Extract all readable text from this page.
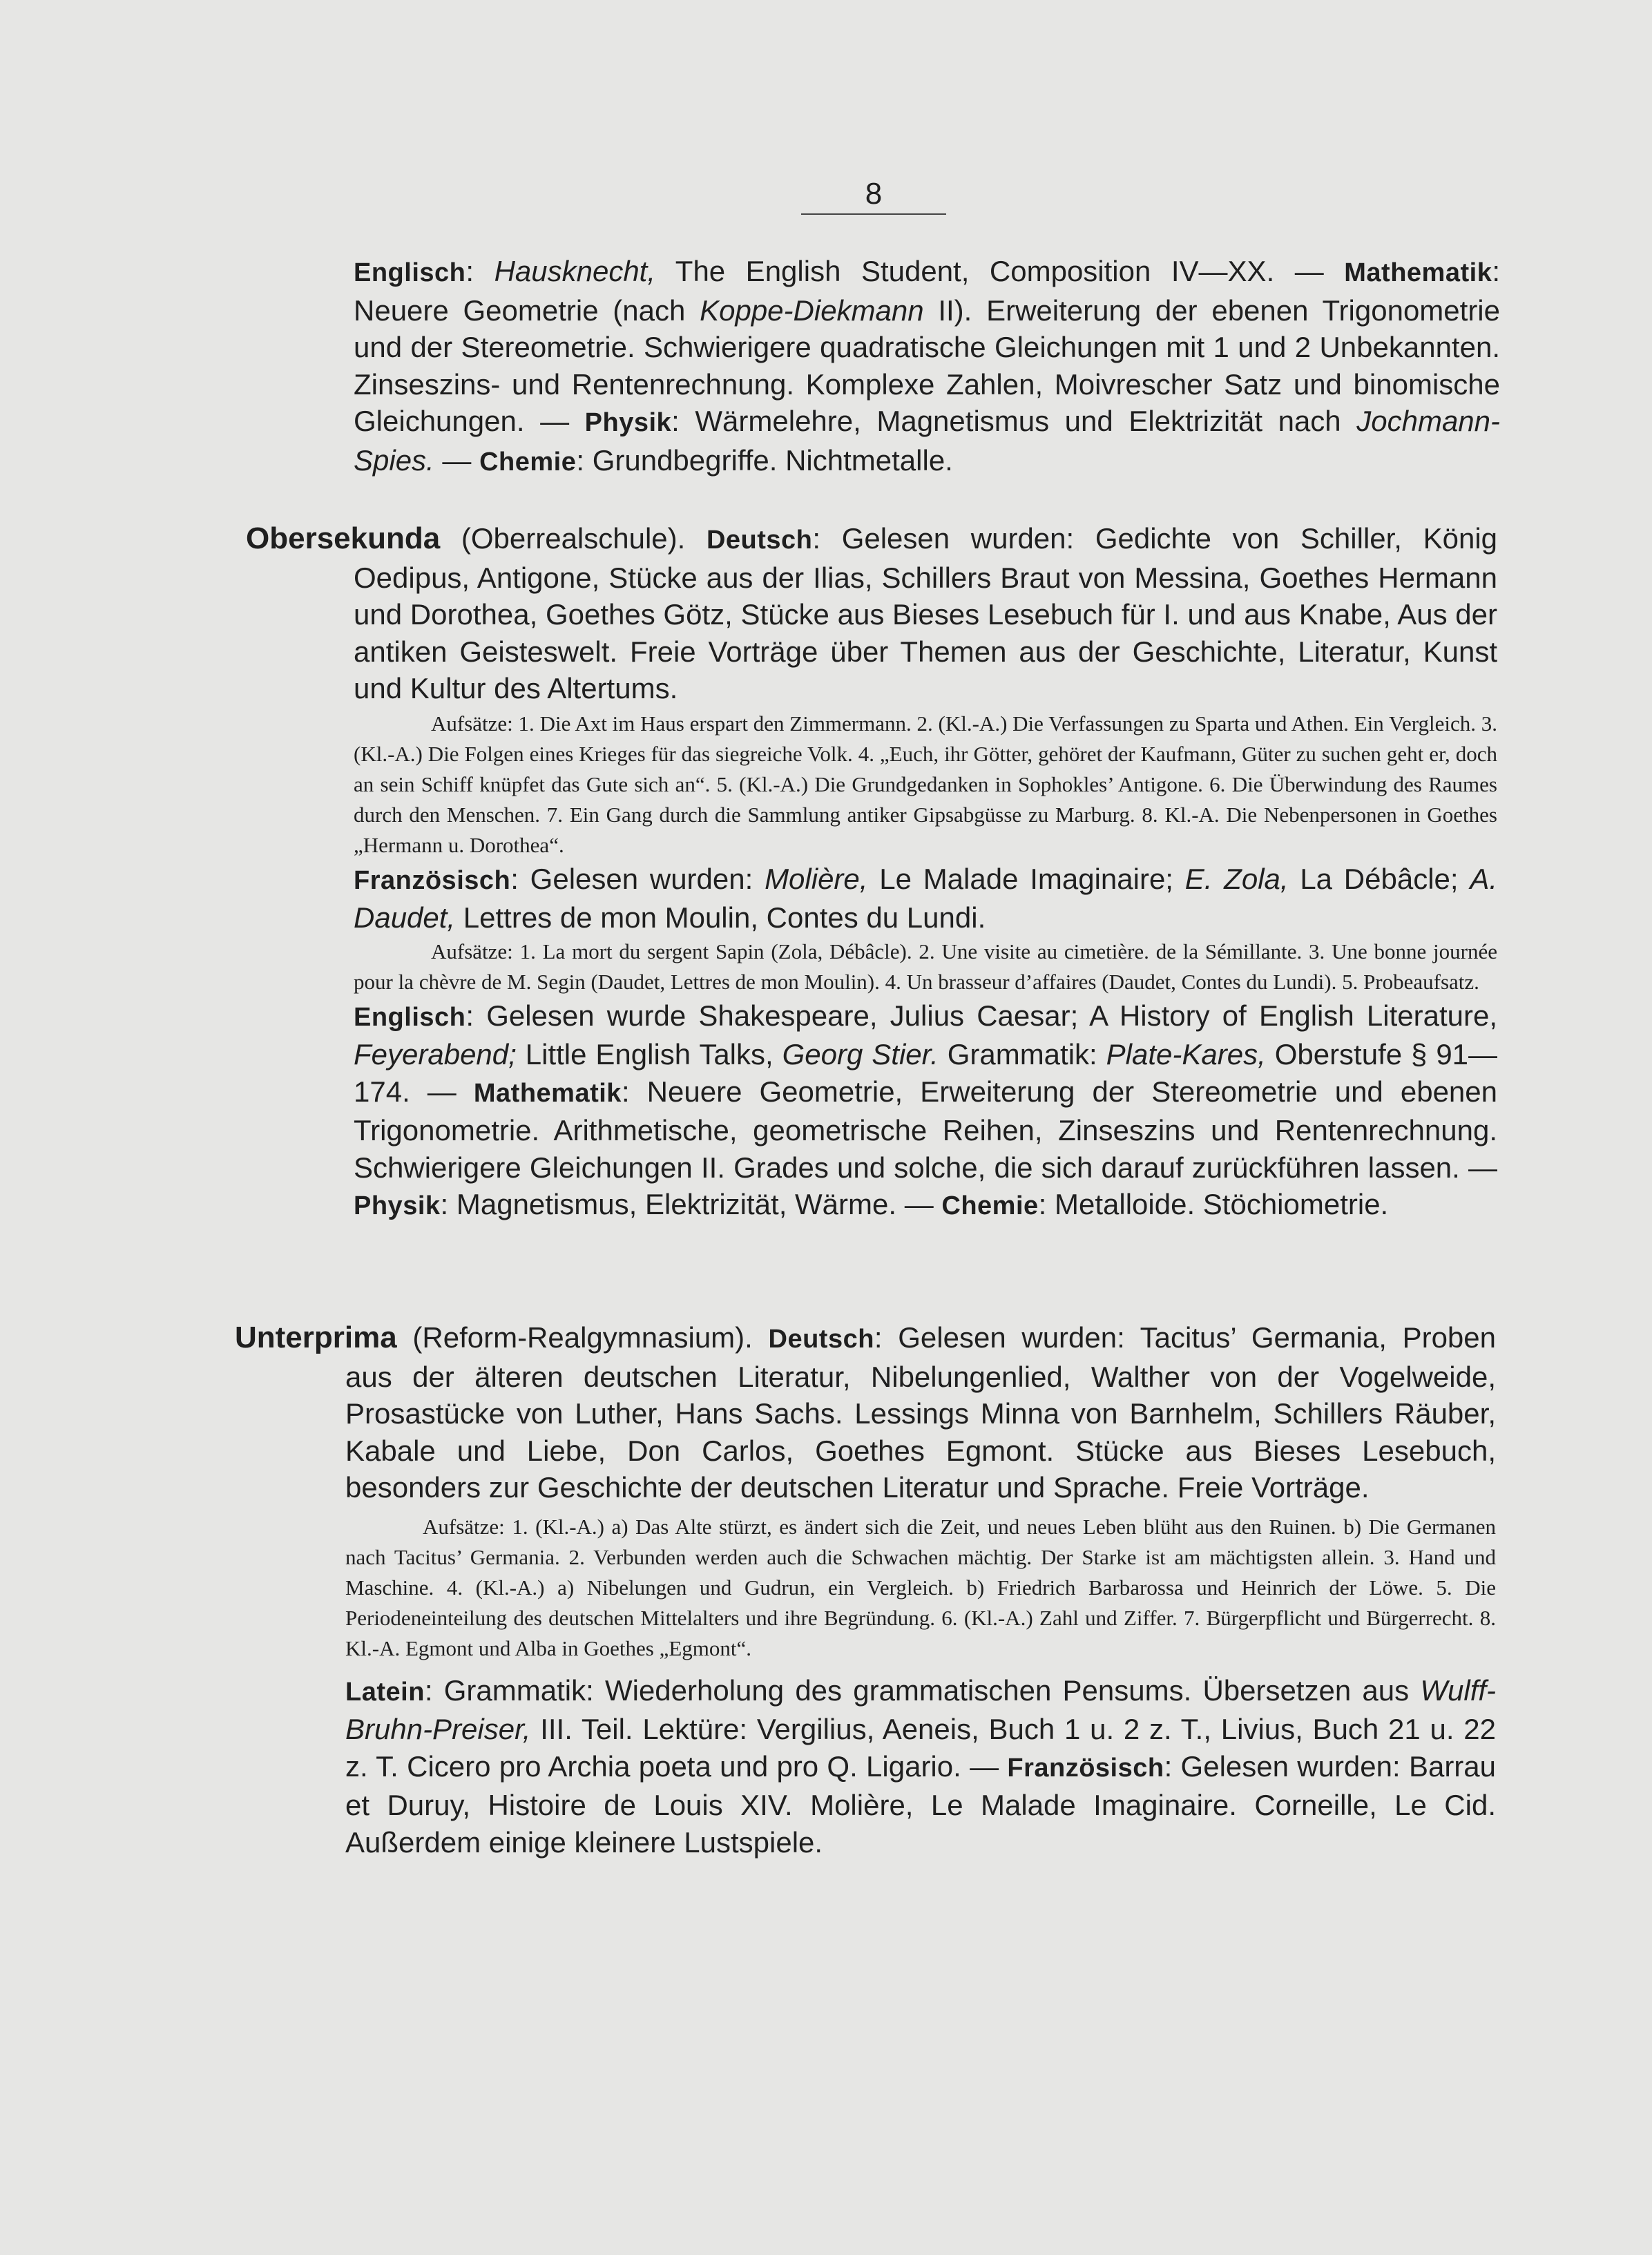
8

Englisch: Hausknecht, The English Student, Composition IV—XX. — Mathematik: Neuere Geometrie (nach Koppe-Diekmann II). Erweiterung der ebenen Trigonometrie und der Stereometrie. Schwierigere quadratische Gleichungen mit 1 und 2 Unbekannten. Zinseszins- und Rentenrechnung. Komplexe Zahlen, Moivrescher Satz und binomische Gleichungen. — Physik: Wärmelehre, Magnetismus und Elektrizität nach Jochmann-Spies. — Chemie: Grundbegriffe. Nichtmetalle.

Obersekunda (Oberrealschule). Deutsch: Gelesen wurden: Gedichte von Schiller, König Oedipus, Antigone, Stücke aus der Ilias, Schillers Braut von Messina, Goethes Hermann und Dorothea, Goethes Götz, Stücke aus Bieses Lesebuch für I. und aus Knabe, Aus der antiken Geisteswelt. Freie Vorträge über Themen aus der Geschichte, Literatur, Kunst und Kultur des Altertums.

Aufsätze: 1. Die Axt im Haus erspart den Zimmermann. 2. (Kl.-A.) Die Verfassungen zu Sparta und Athen. Ein Vergleich. 3. (Kl.-A.) Die Folgen eines Krieges für das siegreiche Volk. 4. „Euch, ihr Götter, gehöret der Kaufmann, Güter zu suchen geht er, doch an sein Schiff knüpfet das Gute sich an“. 5. (Kl.-A.) Die Grundgedanken in Sophokles’ Antigone. 6. Die Überwindung des Raumes durch den Menschen. 7. Ein Gang durch die Sammlung antiker Gipsabgüsse zu Marburg. 8. Kl.-A. Die Nebenpersonen in Goethes „Hermann u. Dorothea“.

Französisch: Gelesen wurden: Molière, Le Malade Imaginaire; E. Zola, La Débâcle; A. Daudet, Lettres de mon Moulin, Contes du Lundi.

Aufsätze: 1. La mort du sergent Sapin (Zola, Débâcle). 2. Une visite au cimetière. de la Sémillante. 3. Une bonne journée pour la chèvre de M. Segin (Daudet, Lettres de mon Moulin). 4. Un brasseur d’affaires (Daudet, Contes du Lundi). 5. Probeaufsatz.

Englisch: Gelesen wurde Shakespeare, Julius Caesar; A History of English Literature, Feyerabend; Little English Talks, Georg Stier. Grammatik: Plate-Kares, Oberstufe § 91—174. — Mathematik: Neuere Geometrie, Erweiterung der Stereometrie und ebenen Trigonometrie. Arithmetische, geometrische Reihen, Zinseszins und Rentenrechnung. Schwierigere Gleichungen II. Grades und solche, die sich darauf zurückführen lassen. — Physik: Magnetismus, Elektrizität, Wärme. — Chemie: Metalloide. Stöchiometrie.

Unterprima (Reform-Realgymnasium). Deutsch: Gelesen wurden: Tacitus’ Germania, Proben aus der älteren deutschen Literatur, Nibelungenlied, Walther von der Vogelweide, Prosastücke von Luther, Hans Sachs. Lessings Minna von Barnhelm, Schillers Räuber, Kabale und Liebe, Don Carlos, Goethes Egmont. Stücke aus Bieses Lesebuch, besonders zur Geschichte der deutschen Literatur und Sprache. Freie Vorträge.

Aufsätze: 1. (Kl.-A.) a) Das Alte stürzt, es ändert sich die Zeit, und neues Leben blüht aus den Ruinen. b) Die Germanen nach Tacitus’ Germania. 2. Verbunden werden auch die Schwachen mächtig. Der Starke ist am mächtigsten allein. 3. Hand und Maschine. 4. (Kl.-A.) a) Nibelungen und Gudrun, ein Vergleich. b) Friedrich Barbarossa und Heinrich der Löwe. 5. Die Periodeneinteilung des deutschen Mittelalters und ihre Begründung. 6. (Kl.-A.) Zahl und Ziffer. 7. Bürgerpflicht und Bürgerrecht. 8. Kl.-A. Egmont und Alba in Goethes „Egmont“.

Latein: Grammatik: Wiederholung des grammatischen Pensums. Übersetzen aus Wulff-Bruhn-Preiser, III. Teil. Lektüre: Vergilius, Aeneis, Buch 1 u. 2 z. T., Livius, Buch 21 u. 22 z. T. Cicero pro Archia poeta und pro Q. Ligario. — Französisch: Gelesen wurden: Barrau et Duruy, Histoire de Louis XIV. Molière, Le Malade Imaginaire. Corneille, Le Cid. Außerdem einige kleinere Lustspiele.
